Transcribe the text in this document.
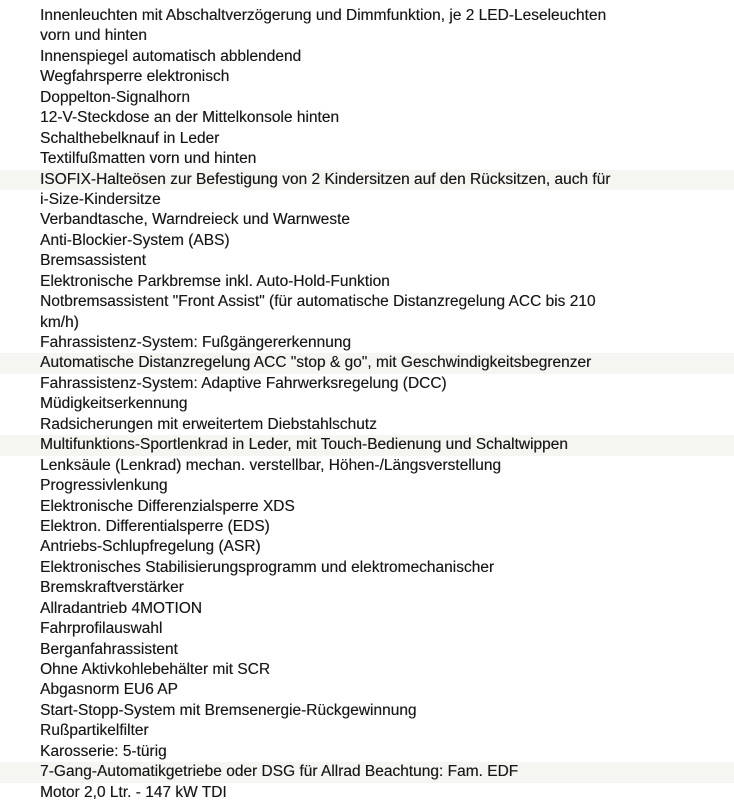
Innenleuchten mit Abschaltverzögerung und Dimmfunktion, je 2 LED-Leseleuchten
vorn und hinten
Innenspiegel automatisch abblendend
Wegfahrsperre elektronisch
Doppelton-Signalhorn
12-V-Steckdose an der Mittelkonsole hinten
Schalthebelknauf in Leder
Textilfußmatten vorn und hinten
ISOFIX-Halteösen zur Befestigung von 2 Kindersitzen auf den Rücksitzen, auch für
i-Size-Kindersitze
Verbandtasche, Warndreieck und Warnweste
Anti-Blockier-System (ABS)
Bremsassistent
Elektronische Parkbremse inkl. Auto-Hold-Funktion
Notbremsassistent "Front Assist" (für automatische Distanzregelung ACC bis 210
km/h)
Fahrassistenz-System: Fußgängererkennung
Automatische Distanzregelung ACC "stop & go", mit Geschwindigkeitsbegrenzer
Fahrassistenz-System: Adaptive Fahrwerksregelung (DCC)
Müdigkeitserkennung
Radsicherungen mit erweitertem Diebstahlschutz
Multifunktions-Sportlenkrad in Leder, mit Touch-Bedienung und Schaltwippen
Lenksäule (Lenkrad) mechan. verstellbar, Höhen-/Längsverstellung
Progressivlenkung
Elektronische Differenzialsperre XDS
Elektron. Differentialsperre (EDS)
Antriebs-Schlupfregelung (ASR)
Elektronisches Stabilisierungsprogramm und elektromechanischer
Bremskraftverstärker
Allradantrieb 4MOTION
Fahrprofilauswahl
Berganfahrassistent
Ohne Aktivkohlebehälter mit SCR
Abgasnorm EU6 AP
Start-Stopp-System mit Bremsenergie-Rückgewinnung
Rußpartikelfilter
Karosserie: 5-türig
7-Gang-Automatikgetriebe oder DSG für Allrad Beachtung: Fam. EDF
Motor 2,0 Ltr. - 147 kW TDI
